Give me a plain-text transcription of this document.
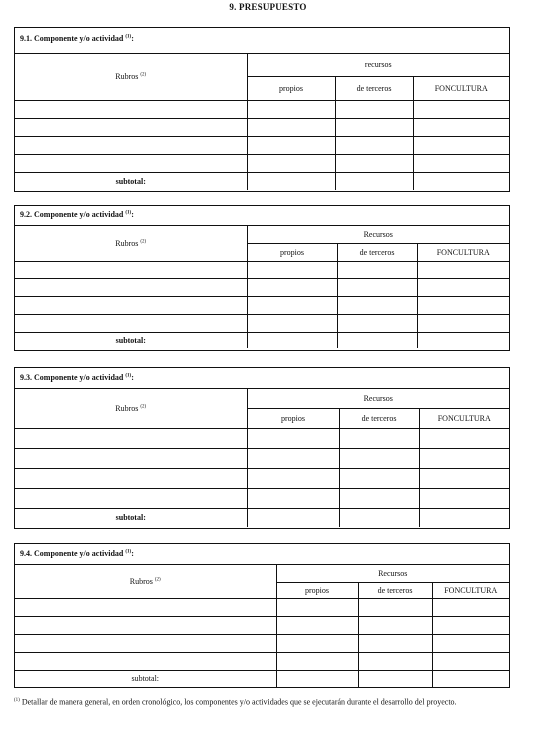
9. PRESUPUESTO
9.1. Componente y/o actividad $^{(1)}$:
Rubros $^{(2)}$	recursos		
	propios	de terceros	FONCULTURA

subtotal:			
9.2. Componente y/o actividad $^{(1)}$:
Rubros $^{(2)}$	Recursos		
	propios	de terceros	FONCULTURA

subtotal:			
9.3. Componente y/o actividad $^{(1)}$:
Rubros $^{(2)}$	Recursos		
	propios	de terceros	FONCULTURA

subtotal:			
9.4. Componente y/o actividad $^{(1)}$:
Rubros $^{(2)}$	Recursos		
	propios	de terceros	FONCULTURA

subtotal:			
$^{(1)}$ Detallar de manera general, en orden cronológico, los componentes y/o actividades que se ejecutarán durante el desarrollo del proyecto.
